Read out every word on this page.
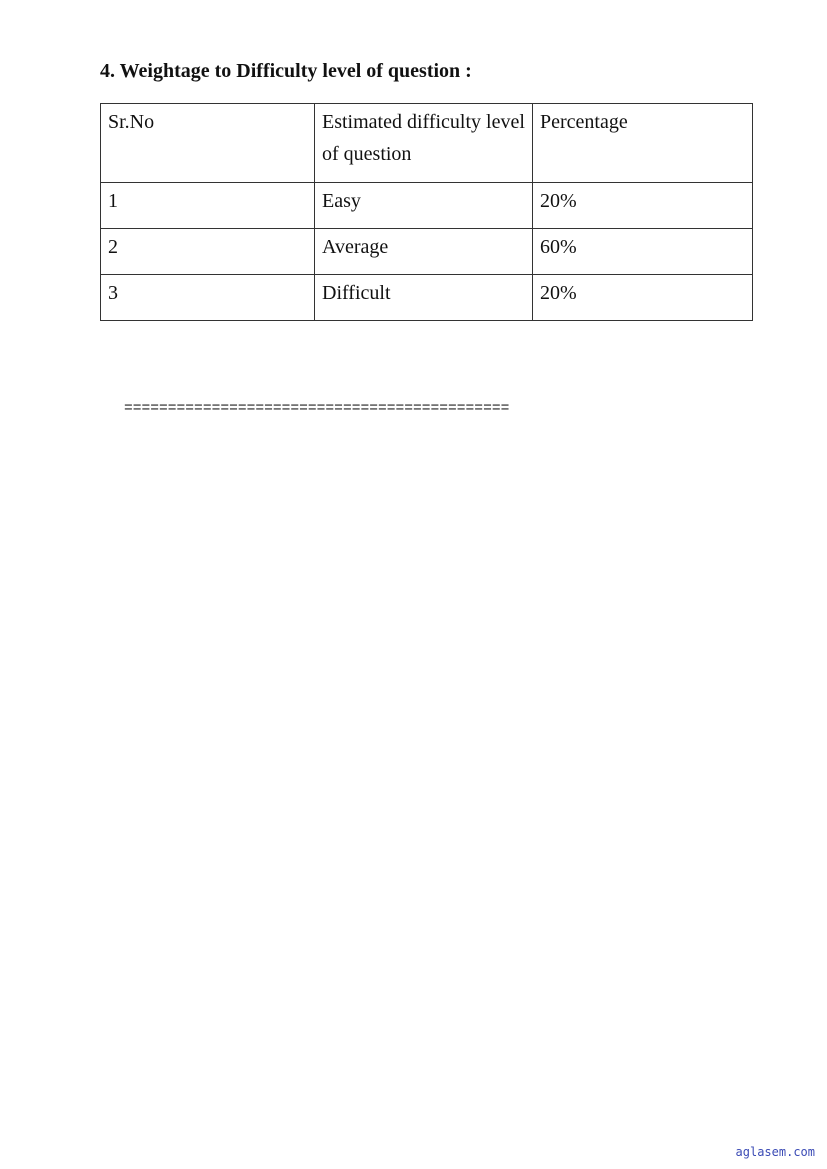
4. Weightage to Difficulty level of question :
Sr.No	Estimated difficulty level of question	Percentage
1	Easy	20%
2	Average	60%
3	Difficult	20%
============================================
aglasem.com
